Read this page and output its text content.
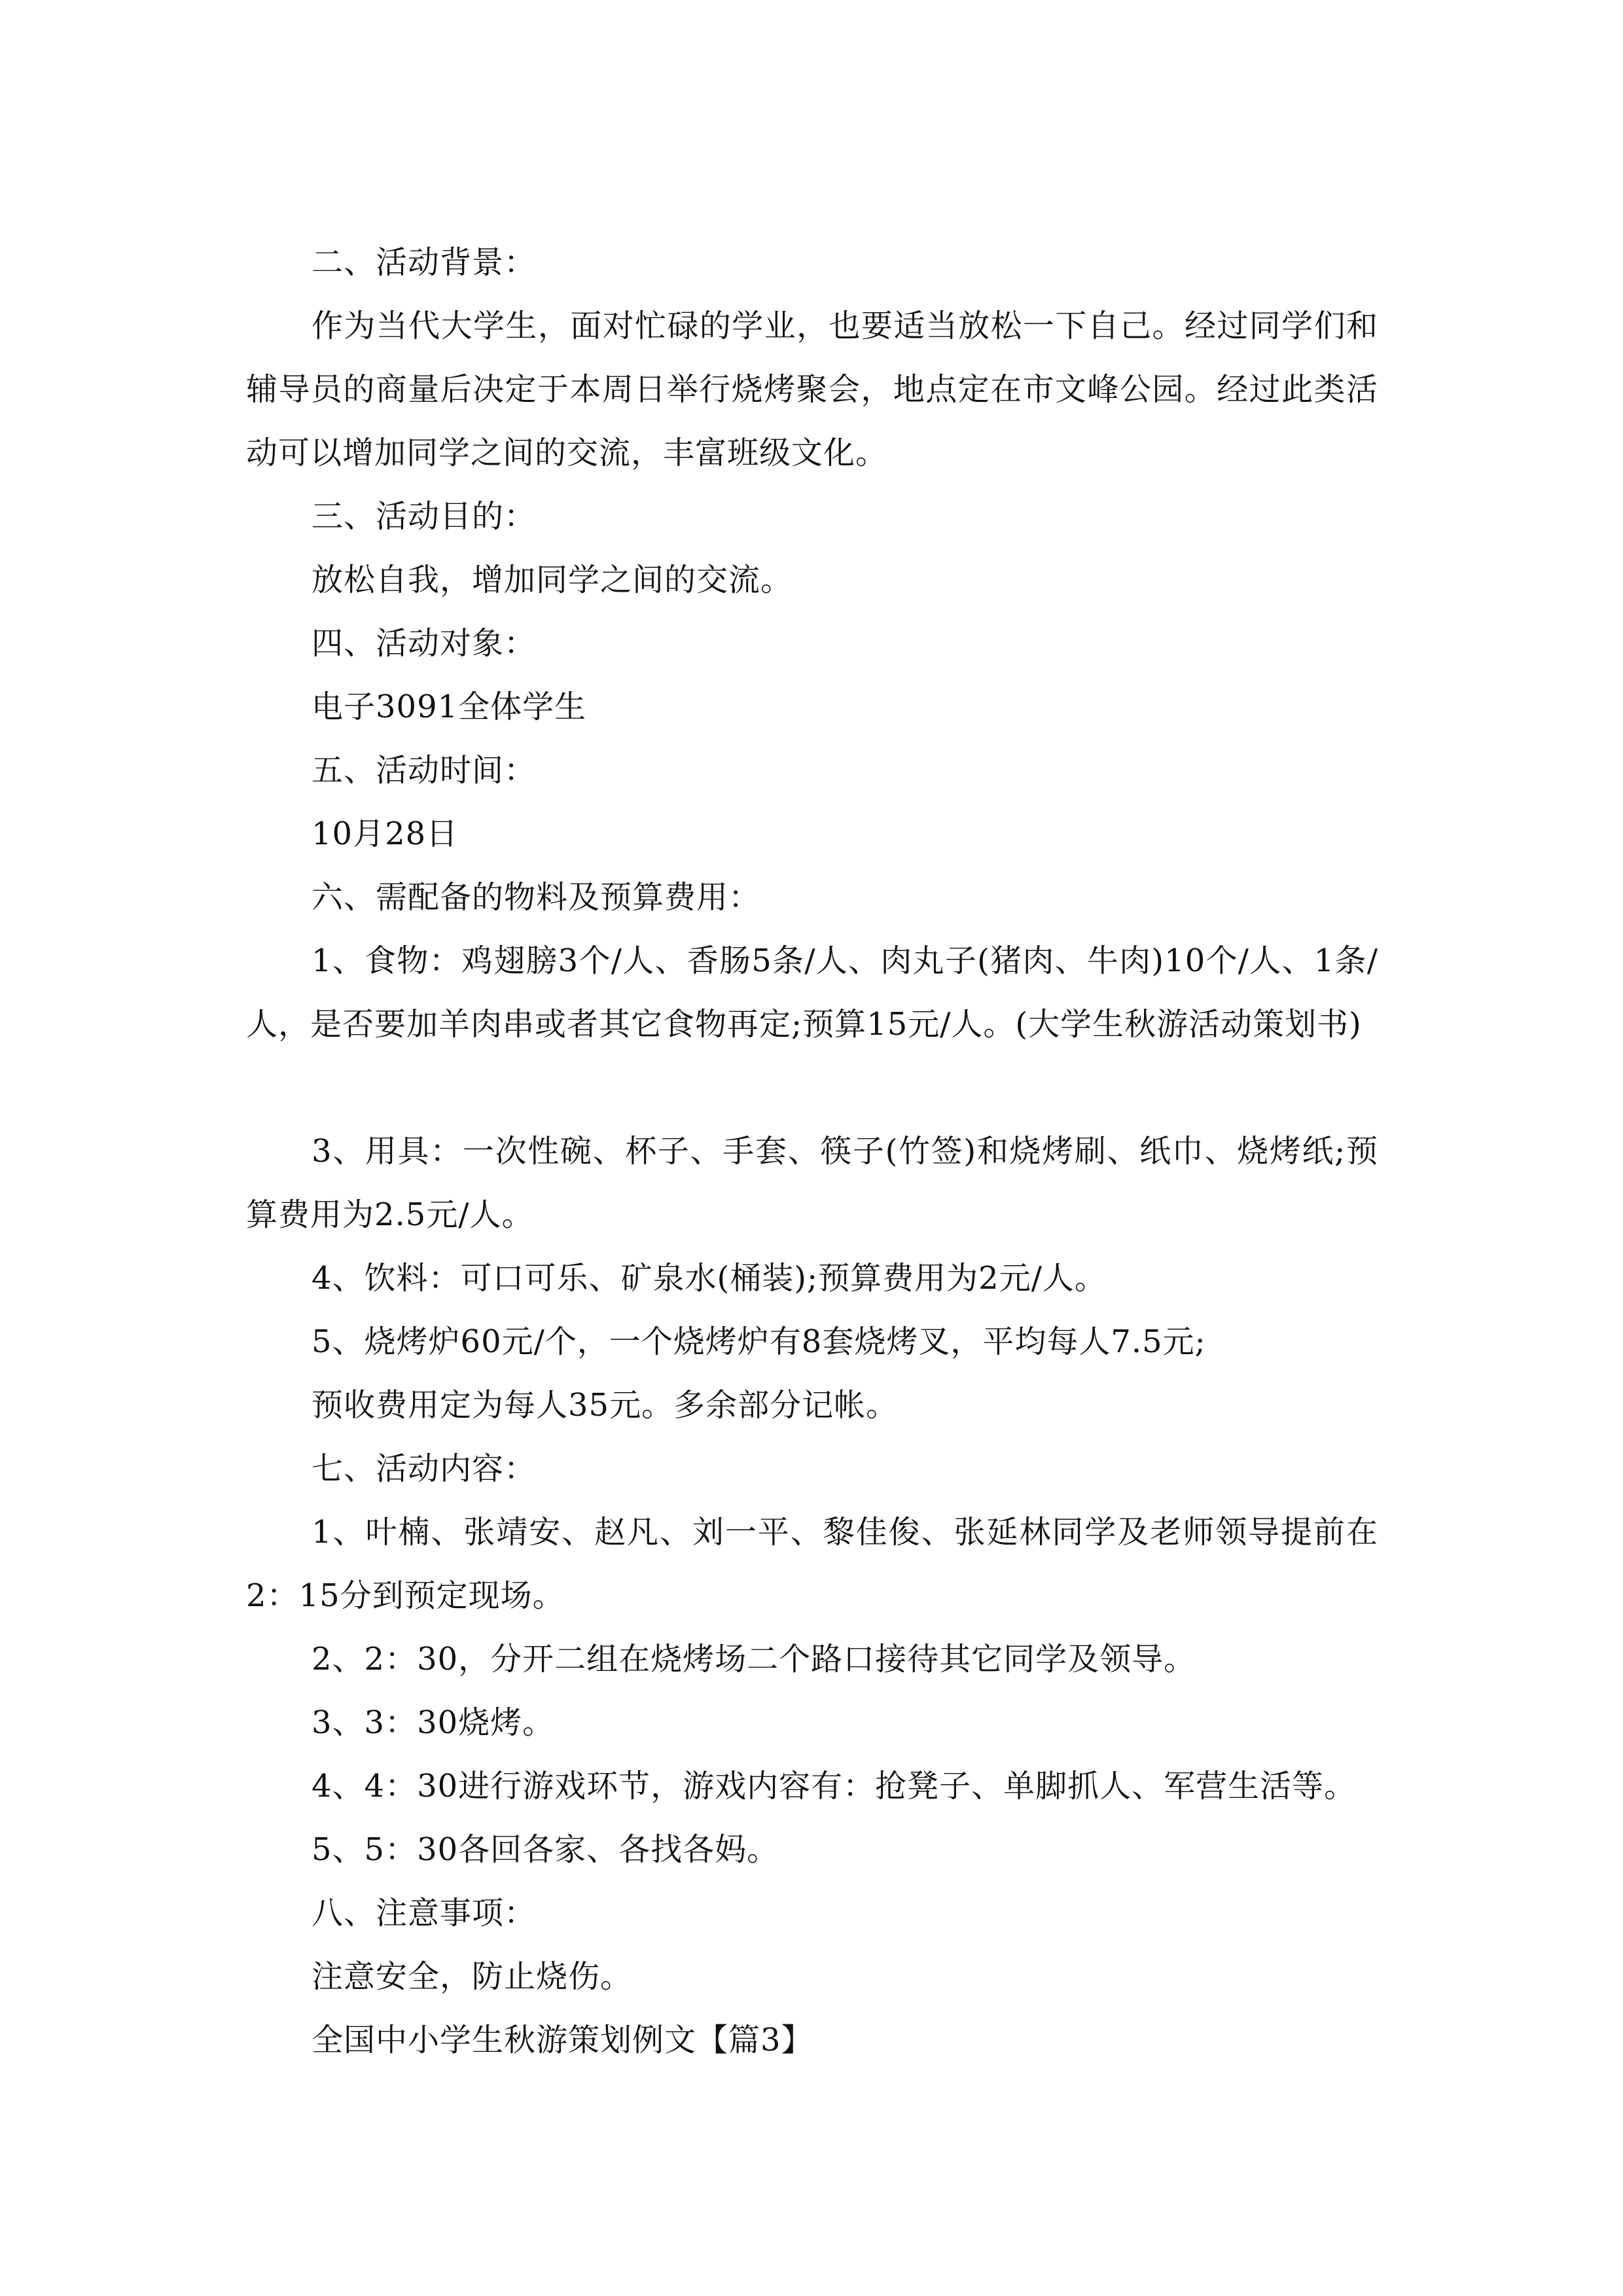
二、活动背景：

作为当代大学生，面对忙碌的学业，也要适当放松一下自己。经过同学们和辅导员的商量后决定于本周日举行烧烤聚会，地点定在市文峰公园。经过此类活动可以增加同学之间的交流，丰富班级文化。

三、活动目的：

放松自我，增加同学之间的交流。

四、活动对象：

电子3091全体学生

五、活动时间：

10月28日

六、需配备的物料及预算费用：

1、食物：鸡翅膀3个/人、香肠5条/人、肉丸子(猪肉、牛肉)10个/人、1条/人，是否要加羊肉串或者其它食物再定;预算15元/人。(大学生秋游活动策划书)

3、用具：一次性碗、杯子、手套、筷子(竹签)和烧烤刷、纸巾、烧烤纸;预算费用为2.5元/人。

4、饮料：可口可乐、矿泉水(桶装);预算费用为2元/人。

5、烧烤炉60元/个，一个烧烤炉有8套烧烤叉，平均每人7.5元;

预收费用定为每人35元。多余部分记帐。

七、活动内容：

1、叶楠、张靖安、赵凡、刘一平、黎佳俊、张延林同学及老师领导提前在2：15分到预定现场。

2、2：30，分开二组在烧烤场二个路口接待其它同学及领导。

3、3：30烧烤。

4、4：30进行游戏环节，游戏内容有：抢凳子、单脚抓人、军营生活等。

5、5：30各回各家、各找各妈。

八、注意事项：

注意安全，防止烧伤。

全国中小学生秋游策划例文【篇3】
